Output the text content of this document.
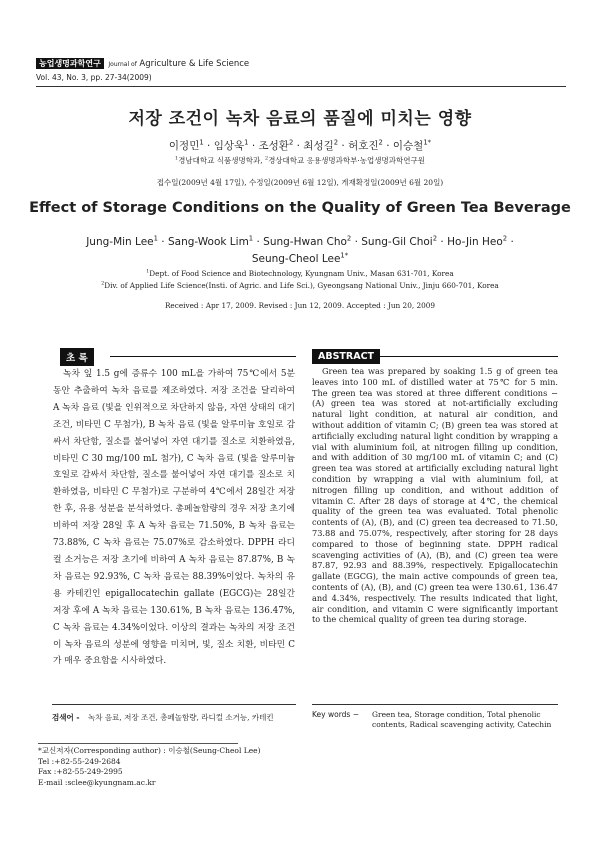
농업생명과학연구 Journal of Agriculture & Life Science
Vol. 43, No. 3, pp. 27-34(2009)
저장 조건이 녹차 음료의 품질에 미치는 영향
이정민$^1$ · 임상욱$^1$ · 조성환$^2$ · 최성길$^2$ · 허호진$^2$ · 이승철$^{1*}$
$^1$경남대학교 식품생명학과, $^2$경상대학교 응용생명과학부·농업생명과학연구원
접수일(2009년 4월 17일), 수정일(2009년 6월 12일), 게재확정일(2009년 6월 20일)
Effect of Storage Conditions on the Quality of Green Tea Beverage
Jung-Min Lee$^1$ · Sang-Wook Lim$^1$ · Sung-Hwan Cho$^2$ · Sung-Gil Choi$^2$ · Ho-Jin Heo$^2$ ·
Seung-Cheol Lee$^{1*}$
$^1$Dept. of Food Science and Biotechnology, Kyungnam Univ., Masan 631-701, Korea
$^2$Div. of Applied Life Science(Insti. of Agric. and Life Sci.), Gyeongsang National Univ., Jinju 660-701, Korea
Received : Apr 17, 2009. Revised : Jun 12, 2009. Accepted : Jun 20, 2009
초 록	ABSTRACT

녹차 잎 1.5 g에 증류수 100 mL을 가하여 75℃에서 5분 동안 추출하여 녹차 음료를 제조하였다. 저장 조건을 달리하여 A 녹차 음료 (빛을 인위적으로 차단하지 않음, 자연 상태의 대기 조건, 비타민 C 무첨가), B 녹차 음료 (빛을 알루미늄 호일로 감싸서 차단함, 질소를 불어넣어 자연 대기를 질소로 치환하였음, 비타민 C 30 mg/100 mL 첨가), C 녹차 음료 (빛을 알루미늄 호일로 감싸서 차단함, 질소를 불어넣어 자연 대기를 질소로 치환하였음, 비타민 C 무첨가)로 구분하여 4℃에서 28일간 저장한 후, 유용 성분을 분석하였다. 총페놀함량의 경우 저장 초기에 비하여 저장 28일 후 A 녹차 음료는 71.50%, B 녹차 음료는 73.88%, C 녹차 음료는 75.07%로 감소하였다. DPPH 라디컬 소거능은 저장 초기에 비하여 A 녹차 음료는 87.87%, B 녹차 음료는 92.93%, C 녹차 음료는 88.39%이었다. 녹차의 유용 카테킨인 epigallocatechin gallate (EGCG)는 28일간 저장 후에 A 녹차 음료는 130.61%, B 녹차 음료는 136.47%, C 녹차 음료는 4.34%이었다. 이상의 결과는 녹차의 저장 조건이 녹차 음료의 성분에 영향을 미치며, 빛, 질소 치환, 비타민 C가 매우 중요함을 시사하였다.

Green tea was prepared by soaking 1.5 g of green tea leaves into 100 mL of distilled water at 75℃ for 5 min. The green tea was stored at three different conditions − (A) green tea was stored at not-artificially excluding natural light condition, at natural air condition, and without addition of vitamin C; (B) green tea was stored at artificially excluding natural light condition by wrapping a vial with aluminium foil, at nitrogen filling up condition, and with addition of 30 mg/100 mL of vitamin C; and (C) green tea was stored at artificially excluding natural light condition by wrapping a vial with aluminium foil, at nitrogen filling up condition, and without addition of vitamin C. After 28 days of storage at 4℃, the chemical quality of the green tea was evaluated. Total phenolic contents of (A), (B), and (C) green tea decreased to 71.50, 73.88 and 75.07%, respectively, after storing for 28 days compared to those of beginning state. DPPH radical scavenging activities of (A), (B), and (C) green tea were 87.87, 92.93 and 88.39%, respectively. Epigallocatechin gallate (EGCG), the main active compounds of green tea, contents of (A), (B), and (C) green tea were 130.61, 136.47 and 4.34%, respectively. The results indicated that light, air condition, and vitamin C were significantly important to the chemical quality of green tea during storage.

검색어 - 녹차 음료, 저장 조건, 총페놀함량, 라디컬 소거능, 카테킨	Key words − Green tea, Storage condition, Total phenolic contents, Radical scavenging activity, Catechin
*교신저자(Corresponding author) : 이승철(Seung-Cheol Lee)
Tel :+82-55-249-2684
Fax :+82-55-249-2995
E-mail :sclee@kyungnam.ac.kr
